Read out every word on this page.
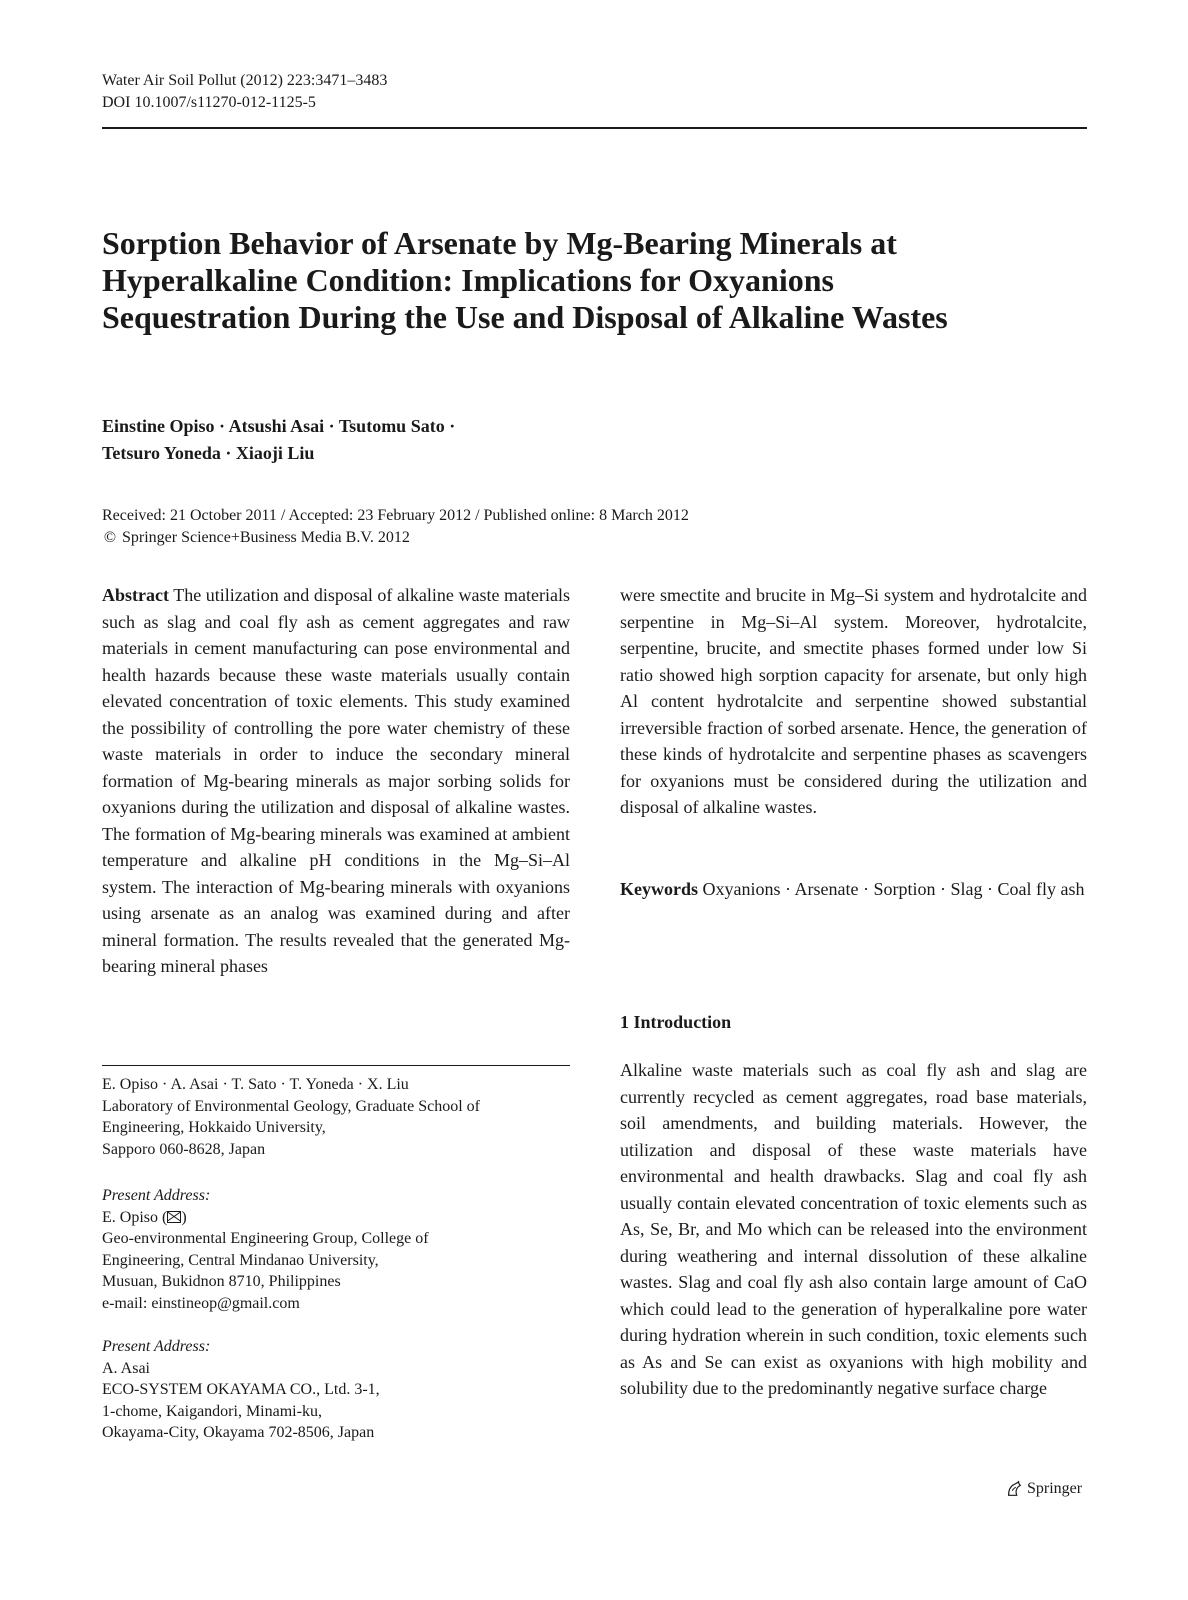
Water Air Soil Pollut (2012) 223:3471–3483
DOI 10.1007/s11270-012-1125-5
Sorption Behavior of Arsenate by Mg-Bearing Minerals at Hyperalkaline Condition: Implications for Oxyanions Sequestration During the Use and Disposal of Alkaline Wastes
Einstine Opiso · Atsushi Asai · Tsutomu Sato ·
Tetsuro Yoneda · Xiaoji Liu
Received: 21 October 2011 / Accepted: 23 February 2012 / Published online: 8 March 2012
© Springer Science+Business Media B.V. 2012

Abstract The utilization and disposal of alkaline waste materials such as slag and coal fly ash as cement aggregates and raw materials in cement manufacturing can pose environmental and health hazards because these waste materials usually contain elevated concentration of toxic elements. This study examined the possibility of controlling the pore water chemistry of these waste materials in order to induce the secondary mineral formation of Mg-bearing minerals as major sorbing solids for oxyanions during the utilization and disposal of alkaline wastes. The formation of Mg-bearing minerals was examined at ambient temperature and alkaline pH conditions in the Mg–Si–Al system. The interaction of Mg-bearing minerals with oxyanions using arsenate as an analog was examined during and after mineral formation. The results revealed that the generated Mg-bearing mineral phases

were smectite and brucite in Mg–Si system and hydrotalcite and serpentine in Mg–Si–Al system. Moreover, hydrotalcite, serpentine, brucite, and smectite phases formed under low Si ratio showed high sorption capacity for arsenate, but only high Al content hydrotalcite and serpentine showed substantial irreversible fraction of sorbed arsenate. Hence, the generation of these kinds of hydrotalcite and serpentine phases as scavengers for oxyanions must be considered during the utilization and disposal of alkaline wastes.

Keywords Oxyanions · Arsenate · Sorption · Slag · Coal fly ash
1 Introduction

Alkaline waste materials such as coal fly ash and slag are currently recycled as cement aggregates, road base materials, soil amendments, and building materials. However, the utilization and disposal of these waste materials have environmental and health drawbacks. Slag and coal fly ash usually contain elevated concentration of toxic elements such as As, Se, Br, and Mo which can be released into the environment during weathering and internal dissolution of these alkaline wastes. Slag and coal fly ash also contain large amount of CaO which could lead to the generation of hyperalkaline pore water during hydration wherein in such condition, toxic elements such as As and Se can exist as oxyanions with high mobility and solubility due to the predominantly negative surface charge

E. Opiso · A. Asai · T. Sato · T. Yoneda · X. Liu
Laboratory of Environmental Geology, Graduate School of
Engineering, Hokkaido University,
Sapporo 060-8628, Japan
Present Address:
E. Opiso ( )
Geo-environmental Engineering Group, College of
Engineering, Central Mindanao University,
Musuan, Bukidnon 8710, Philippines
e-mail: einstineop@gmail.com
Present Address:
A. Asai
ECO-SYSTEM OKAYAMA CO., Ltd. 3-1,
1-chome, Kaigandori, Minami-ku,
Okayama-City, Okayama 702-8506, Japan
Springer
